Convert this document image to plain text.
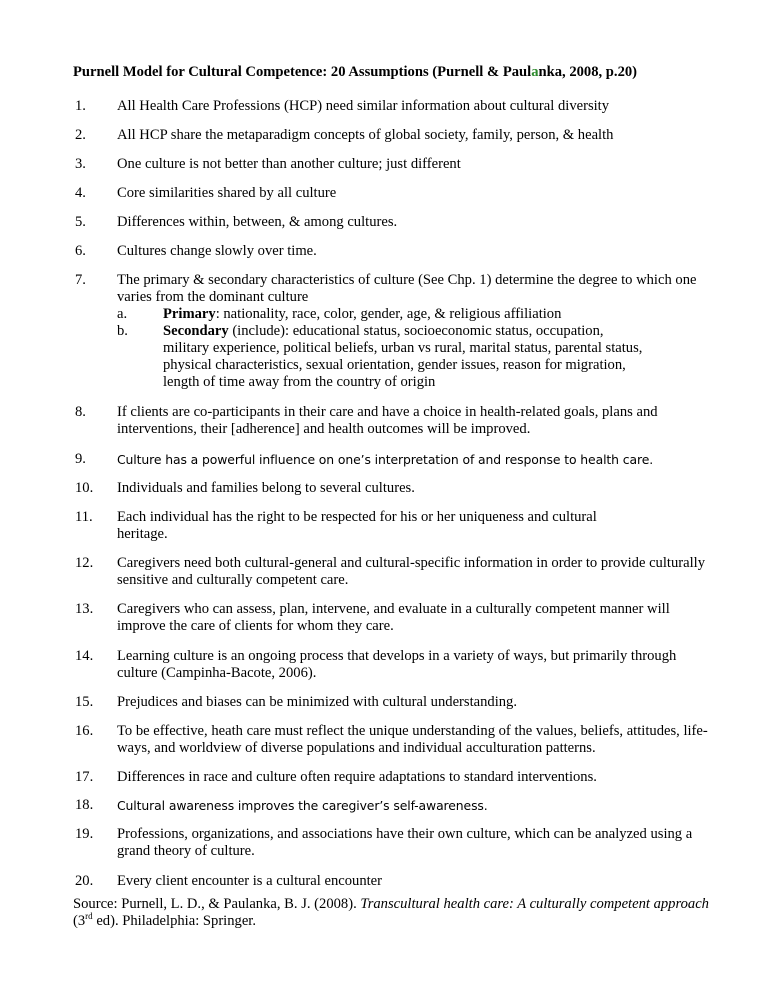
Purnell Model for Cultural Competence: 20 Assumptions (Purnell & Paulanka, 2008, p.20)
1. All Health Care Professions (HCP) need similar information about cultural diversity
2. All HCP share the metaparadigm concepts of global society, family, person, & health
3. One culture is not better than another culture; just different
4. Core similarities shared by all culture
5. Differences within, between, & among cultures.
6. Cultures change slowly over time.
7. The primary & secondary characteristics of culture (See Chp. 1) determine the degree to which one varies from the dominant culture
a. Primary: nationality, race, color, gender, age, & religious affiliation
b. Secondary (include): educational status, socioeconomic status, occupation, military experience, political beliefs, urban vs rural, marital status, parental status, physical characteristics, sexual orientation, gender issues, reason for migration, length of time away from the country of origin
8. If clients are co-participants in their care and have a choice in health-related goals, plans and interventions, their [adherence] and health outcomes will be improved.
9.	Culture has a powerful influence on one’s interpretation of and response to health care.
10. Individuals and families belong to several cultures.
11. Each individual has the right to be respected for his or her uniqueness and cultural heritage.
12. Caregivers need both cultural-general and cultural-specific information in order to provide culturally sensitive and culturally competent care.
13. Caregivers who can assess, plan, intervene, and evaluate in a culturally competent manner will improve the care of clients for whom they care.
14. Learning culture is an ongoing process that develops in a variety of ways, but primarily through culture (Campinha-Bacote, 2006).
15. Prejudices and biases can be minimized with cultural understanding.
16. To be effective, heath care must reflect the unique understanding of the values, beliefs, attitudes, life-ways, and worldview of diverse populations and individual acculturation patterns.
17. Differences in race and culture often require adaptations to standard interventions.
18. Cultural awareness improves the caregiver’s self-awareness.
19. Professions, organizations, and associations have their own culture, which can be analyzed using a grand theory of culture.
20. Every client encounter is a cultural encounter
Source: Purnell, L. D., & Paulanka, B. J. (2008). Transcultural health care: A culturally competent approach (3rd ed). Philadelphia: Springer.
